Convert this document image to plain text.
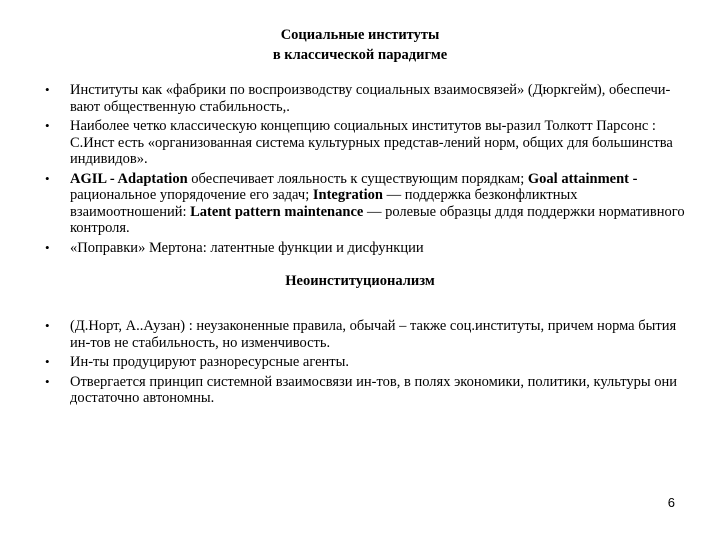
Социальные институты
в классической парадигме
• Институты как «фабрики по воспроизводству социальных взаимосвязей» (Дюркгейм), обеспечи-вают общественную стабильность,.
• Наиболее четко классическую концепцию социальных институтов вы-разил Толкотт Парсонс : С.Инст есть «организованная система культурных представ-лений норм, общих для большинства индивидов».
• AGIL - Adaptation обеспечивает лояльность к существующим порядкам; Goal attainment - рациональное упорядочение его задач; Integration — поддержка безконфликтных взаимоотношений: Latent pattern maintenance — ролевые образцы длдя поддержки нормативного контроля.
• «Поправки» Мертона: латентные функции и дисфункции
Неоинституционализм
• (Д.Норт, А..Аузан) : неузаконенные правила, обычай – также соц.институты, причем норма бытия ин-тов не стабильность, но изменчивость.
• Ин-ты продуцируют разноресурсные агенты.
• Отвергается принцип системной взаимосвязи ин-тов, в полях экономики, политики, культуры они достаточно автономны.
6
